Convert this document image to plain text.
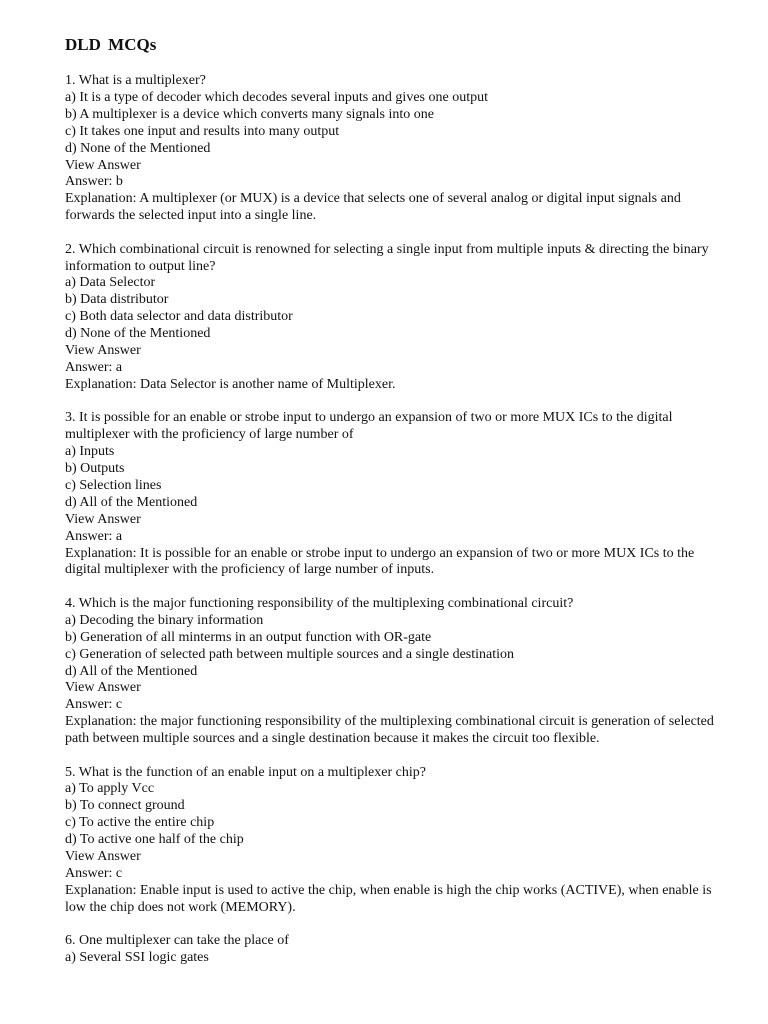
DLD MCQs

1. What is a multiplexer?

a) It is a type of decoder which decodes several inputs and gives one output

b) A multiplexer is a device which converts many signals into one

c) It takes one input and results into many output

d) None of the Mentioned

View Answer

Answer: b

Explanation: A multiplexer (or MUX) is a device that selects one of several analog or digital input signals and forwards the selected input into a single line.

2. Which combinational circuit is renowned for selecting a single input from multiple inputs & directing the binary information to output line?

a) Data Selector

b) Data distributor

c) Both data selector and data distributor

d) None of the Mentioned

View Answer

Answer: a

Explanation: Data Selector is another name of Multiplexer.

3. It is possible for an enable or strobe input to undergo an expansion of two or more MUX ICs to the digital multiplexer with the proficiency of large number of

a) Inputs

b) Outputs

c) Selection lines

d) All of the Mentioned

View Answer

Answer: a

Explanation: It is possible for an enable or strobe input to undergo an expansion of two or more MUX ICs to the digital multiplexer with the proficiency of large number of inputs.

4. Which is the major functioning responsibility of the multiplexing combinational circuit?

a) Decoding the binary information

b) Generation of all minterms in an output function with OR-gate

c) Generation of selected path between multiple sources and a single destination

d) All of the Mentioned

View Answer

Answer: c

Explanation: the major functioning responsibility of the multiplexing combinational circuit is generation of selected path between multiple sources and a single destination because it makes the circuit too flexible.

5. What is the function of an enable input on a multiplexer chip?

a) To apply Vcc

b) To connect ground

c) To active the entire chip

d) To active one half of the chip

View Answer

Answer: c

Explanation: Enable input is used to active the chip, when enable is high the chip works (ACTIVE), when enable is low the chip does not work (MEMORY).

6. One multiplexer can take the place of

a) Several SSI logic gates
